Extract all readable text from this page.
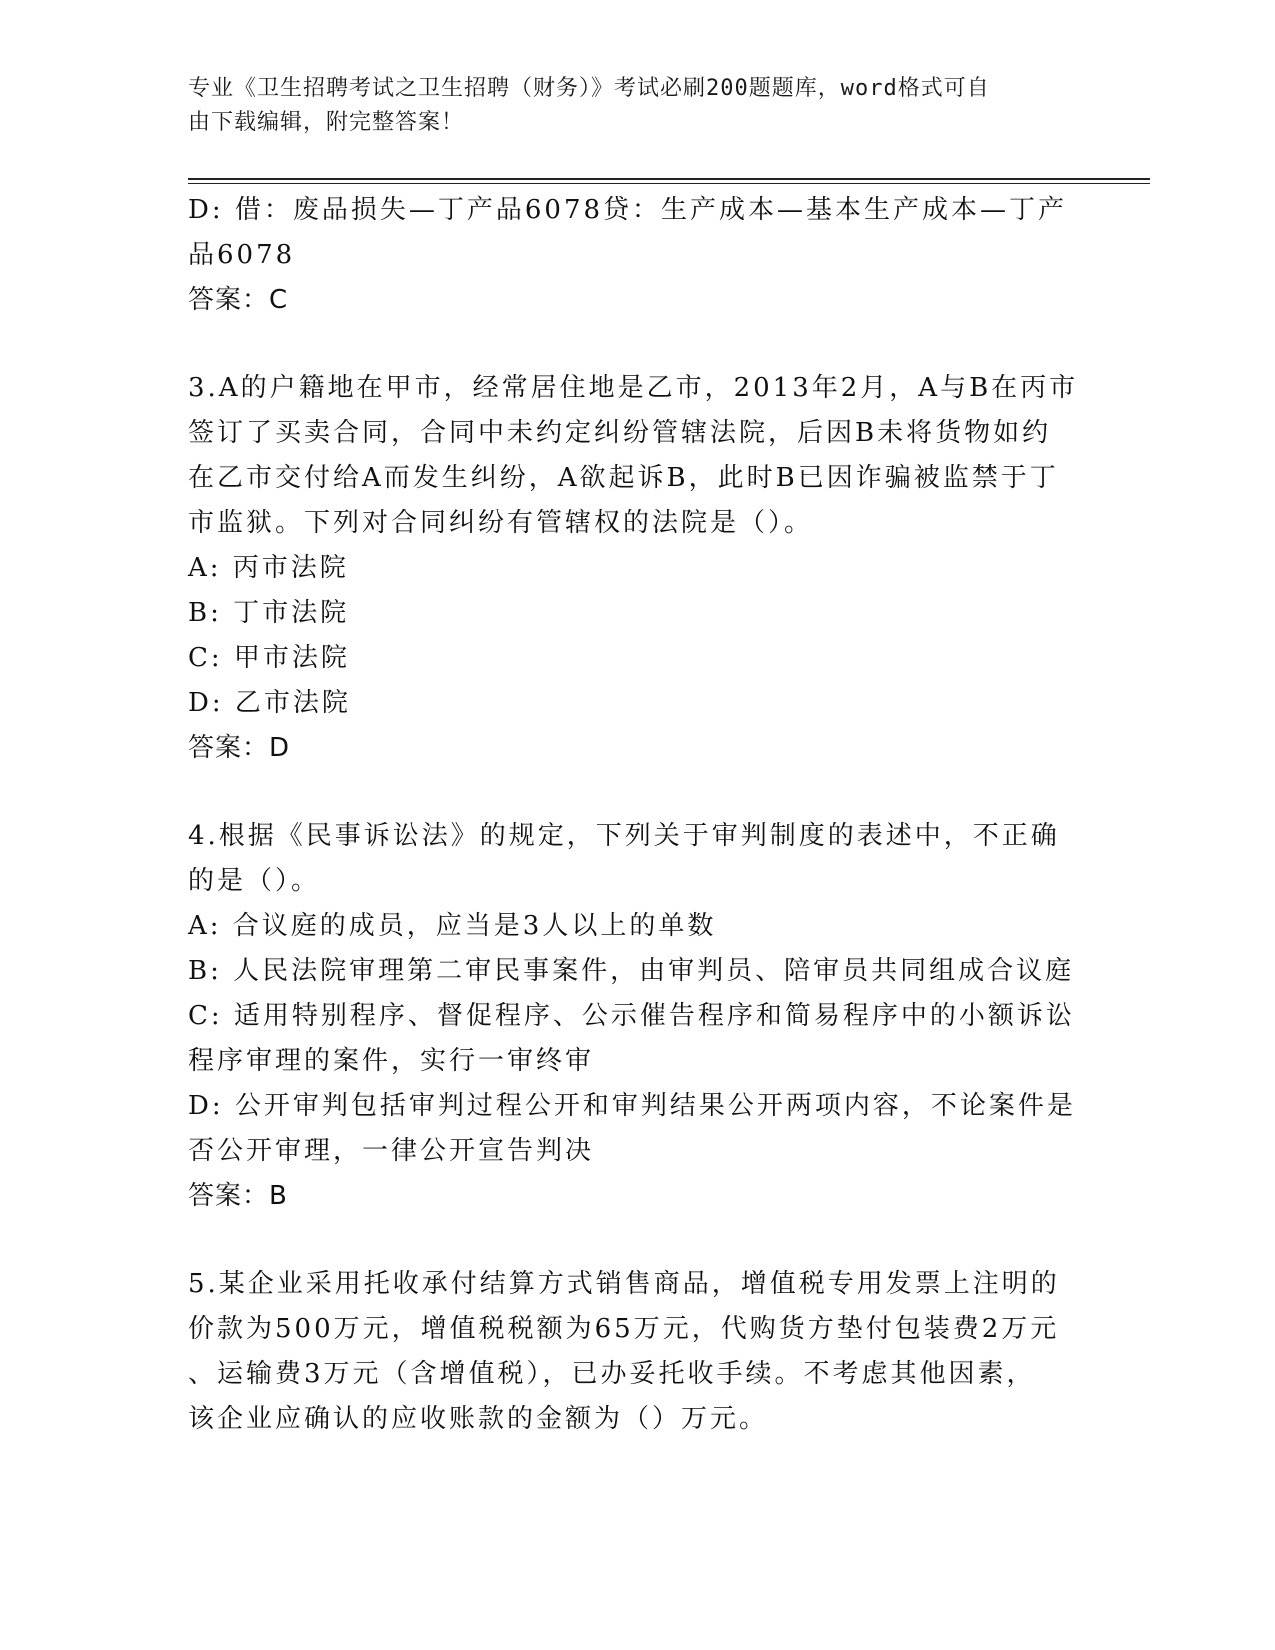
专业《卫生招聘考试之卫生招聘（财务）》考试必刷200题题库，word格式可自
由下载编辑，附完整答案！
D: 借：废品损失—丁产品6078贷：生产成本—基本生产成本—丁产
品6078
答案：C
3.A的户籍地在甲市，经常居住地是乙市，2013年2月，A与B在丙市
签订了买卖合同，合同中未约定纠纷管辖法院，后因B未将货物如约
在乙市交付给A而发生纠纷，A欲起诉B，此时B已因诈骗被监禁于丁
市监狱。下列对合同纠纷有管辖权的法院是（）。
A: 丙市法院
B: 丁市法院
C: 甲市法院
D: 乙市法院
答案：D
4.根据《民事诉讼法》的规定，下列关于审判制度的表述中，不正确
的是（）。
A: 合议庭的成员，应当是3人以上的单数
B: 人民法院审理第二审民事案件，由审判员、陪审员共同组成合议庭
C: 适用特别程序、督促程序、公示催告程序和简易程序中的小额诉讼
程序审理的案件，实行一审终审
D: 公开审判包括审判过程公开和审判结果公开两项内容，不论案件是
否公开审理，一律公开宣告判决
答案：B
5.某企业采用托收承付结算方式销售商品，增值税专用发票上注明的
价款为500万元，增值税税额为65万元，代购货方垫付包装费2万元
、运输费3万元（含增值税），已办妥托收手续。不考虑其他因素，
该企业应确认的应收账款的金额为（）万元。
